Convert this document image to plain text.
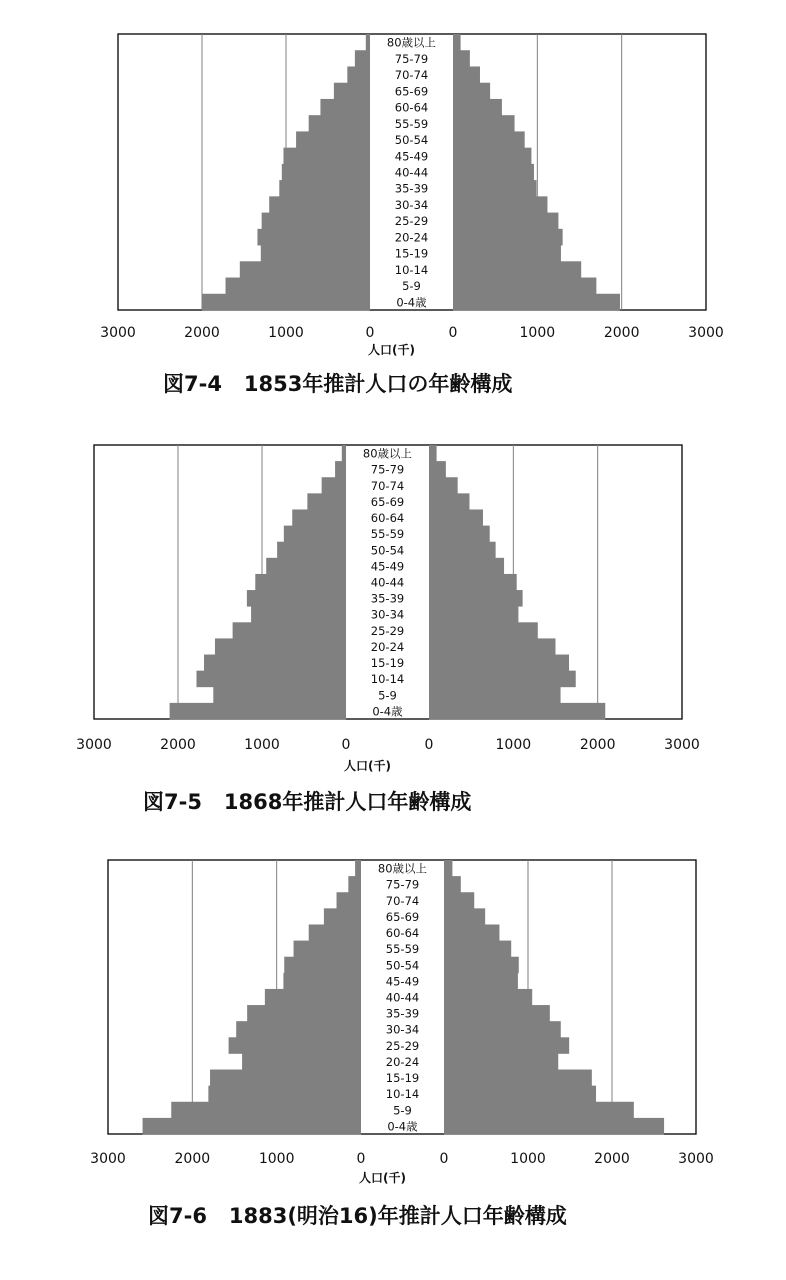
0-4歳
5-9
10-14
15-19
20-24
25-29
30-34
35-39
40-44
45-49
50-54
55-59
60-64
65-69
70-74
75-79
80歳以上
3000	2000	1000	0	0	1000	2000	3000
人口(千)
図7-4 1853年推計人口の年齢構成
0-4歳
5-9
10-14
15-19
20-24
25-29
30-34
35-39
40-44
45-49
50-54
55-59
60-64
65-69
70-74
75-79
80歳以上
3000	2000	1000	0	0	1000	2000	3000
人口(千)
図7-5 1868年推計人口年齢構成
0-4歳
5-9
10-14
15-19
20-24
25-29
30-34
35-39
40-44
45-49
50-54
55-59
60-64
65-69
70-74
75-79
80歳以上
3000	2000	1000	0	0	1000	2000	3000
人口(千)
図7-6 1883(明治16)年推計人口年齢構成
